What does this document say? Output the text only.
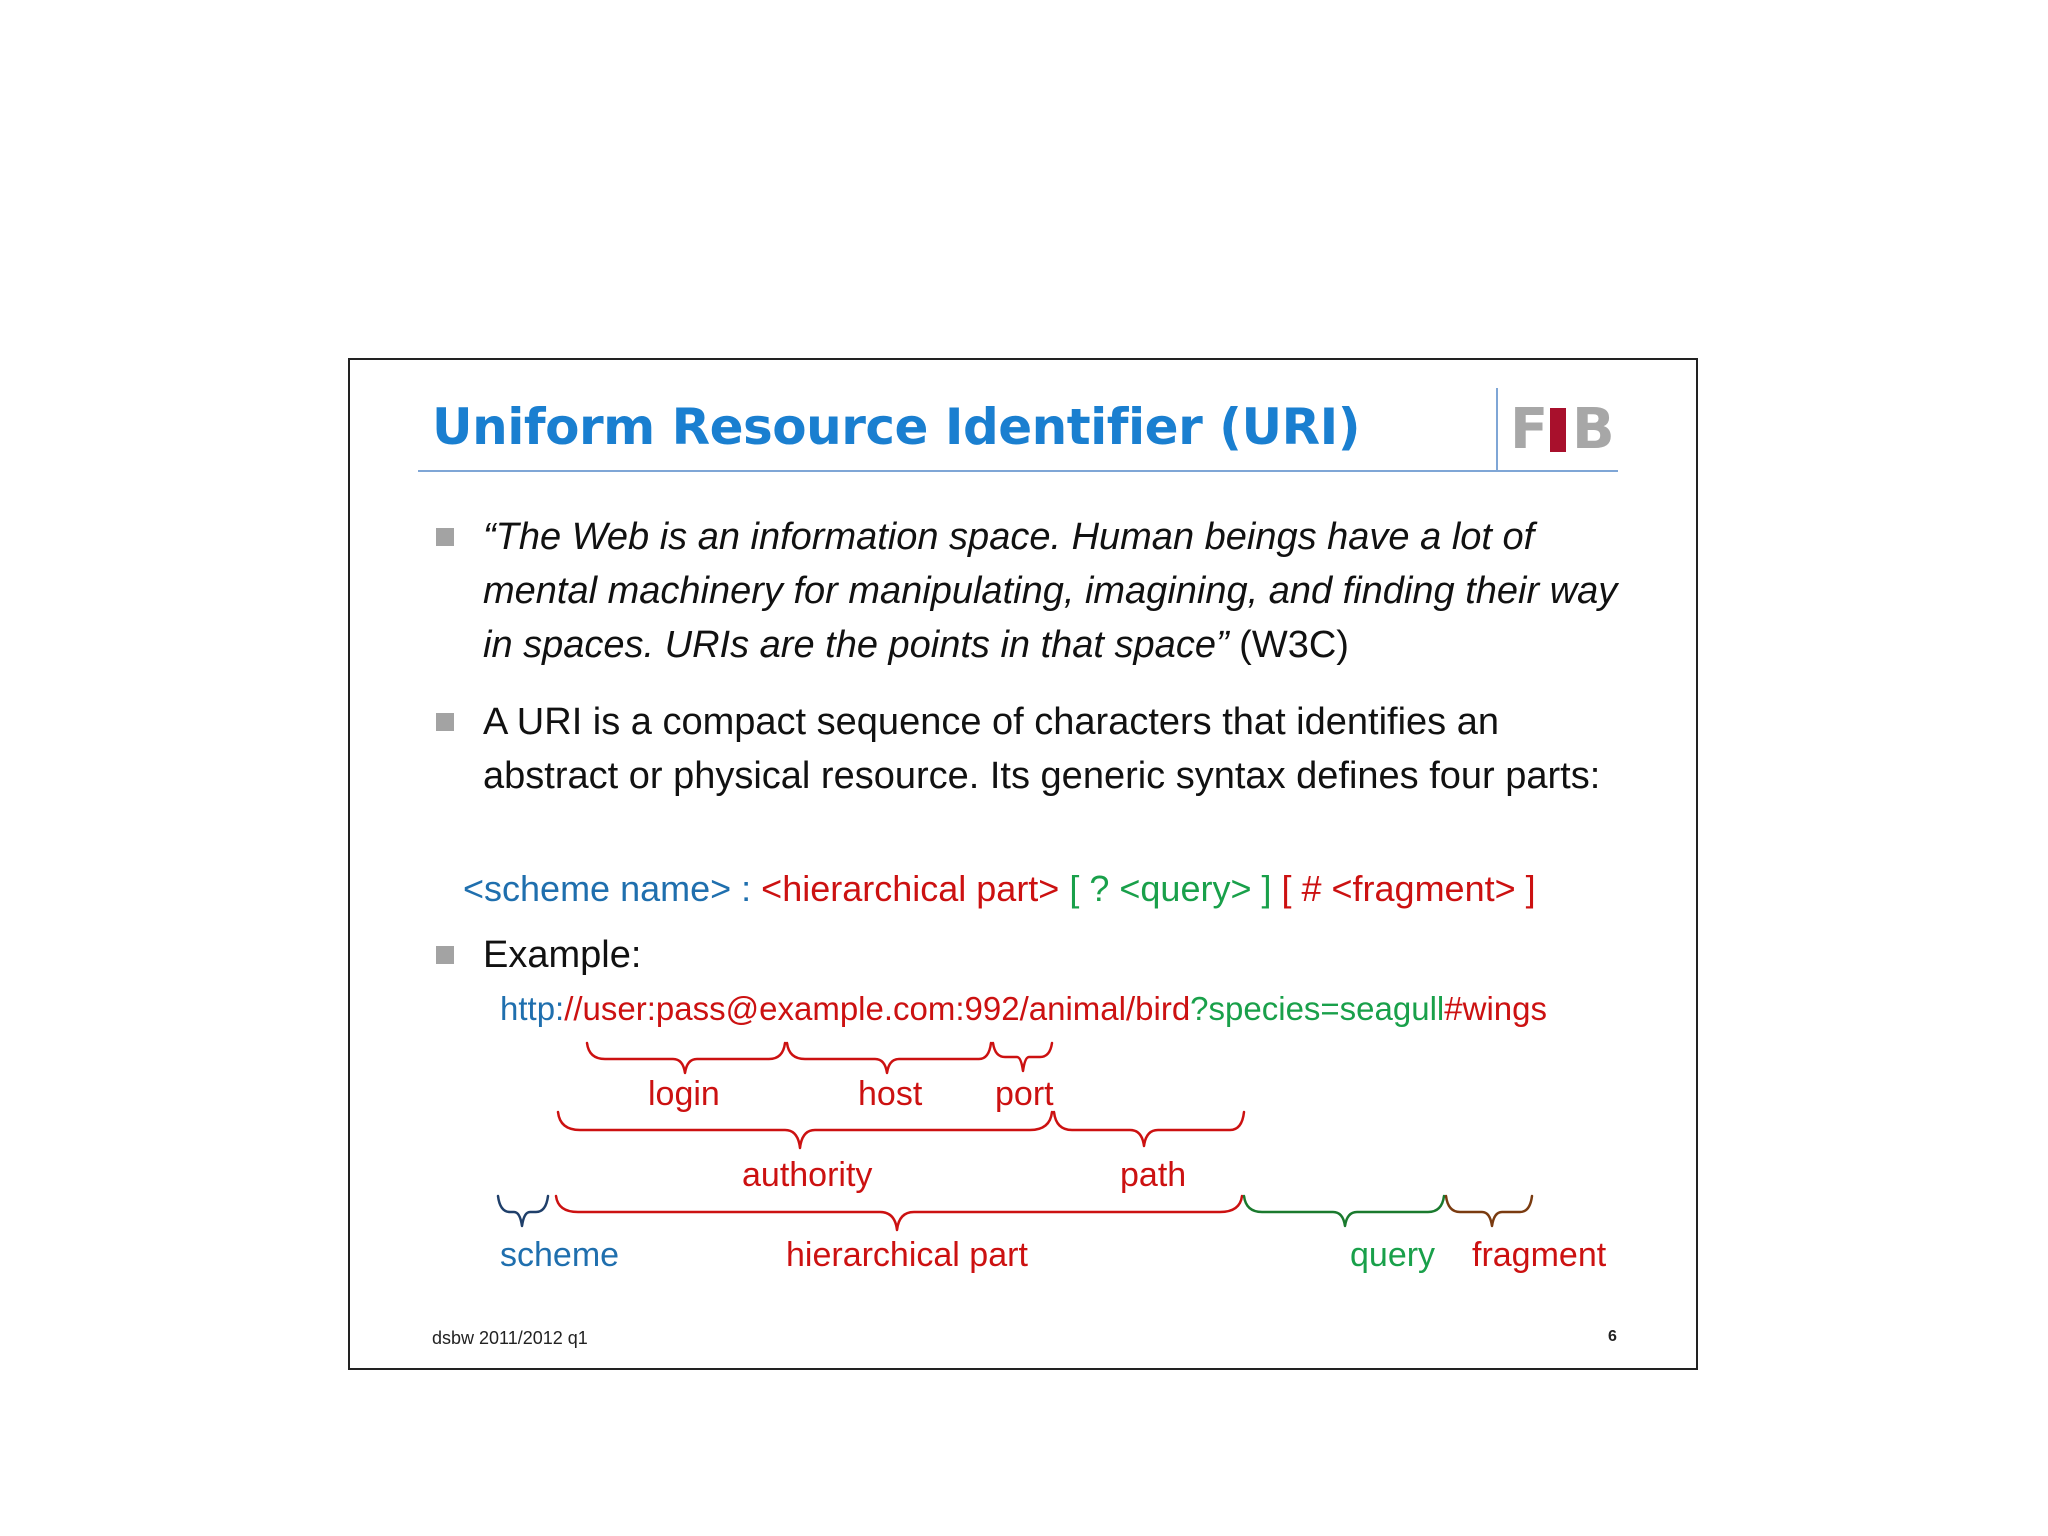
Uniform Resource Identifier (URI)	F B
“The Web is an information space. Human beings have a lot of mental machinery for manipulating, imagining, and finding their way in spaces. URIs are the points in that space” (W3C)
A URI is a compact sequence of characters that identifies an abstract or physical resource. Its generic syntax defines four parts:
<scheme name> : <hierarchical part> [ ? <query> ] [ # <fragment> ]
Example:
http://user:pass@example.com:992/animal/bird?species=seagull#wings
login	host port
authority	path
scheme	hierarchical part	query fragment
dsbw 2011/2012 q1	6
